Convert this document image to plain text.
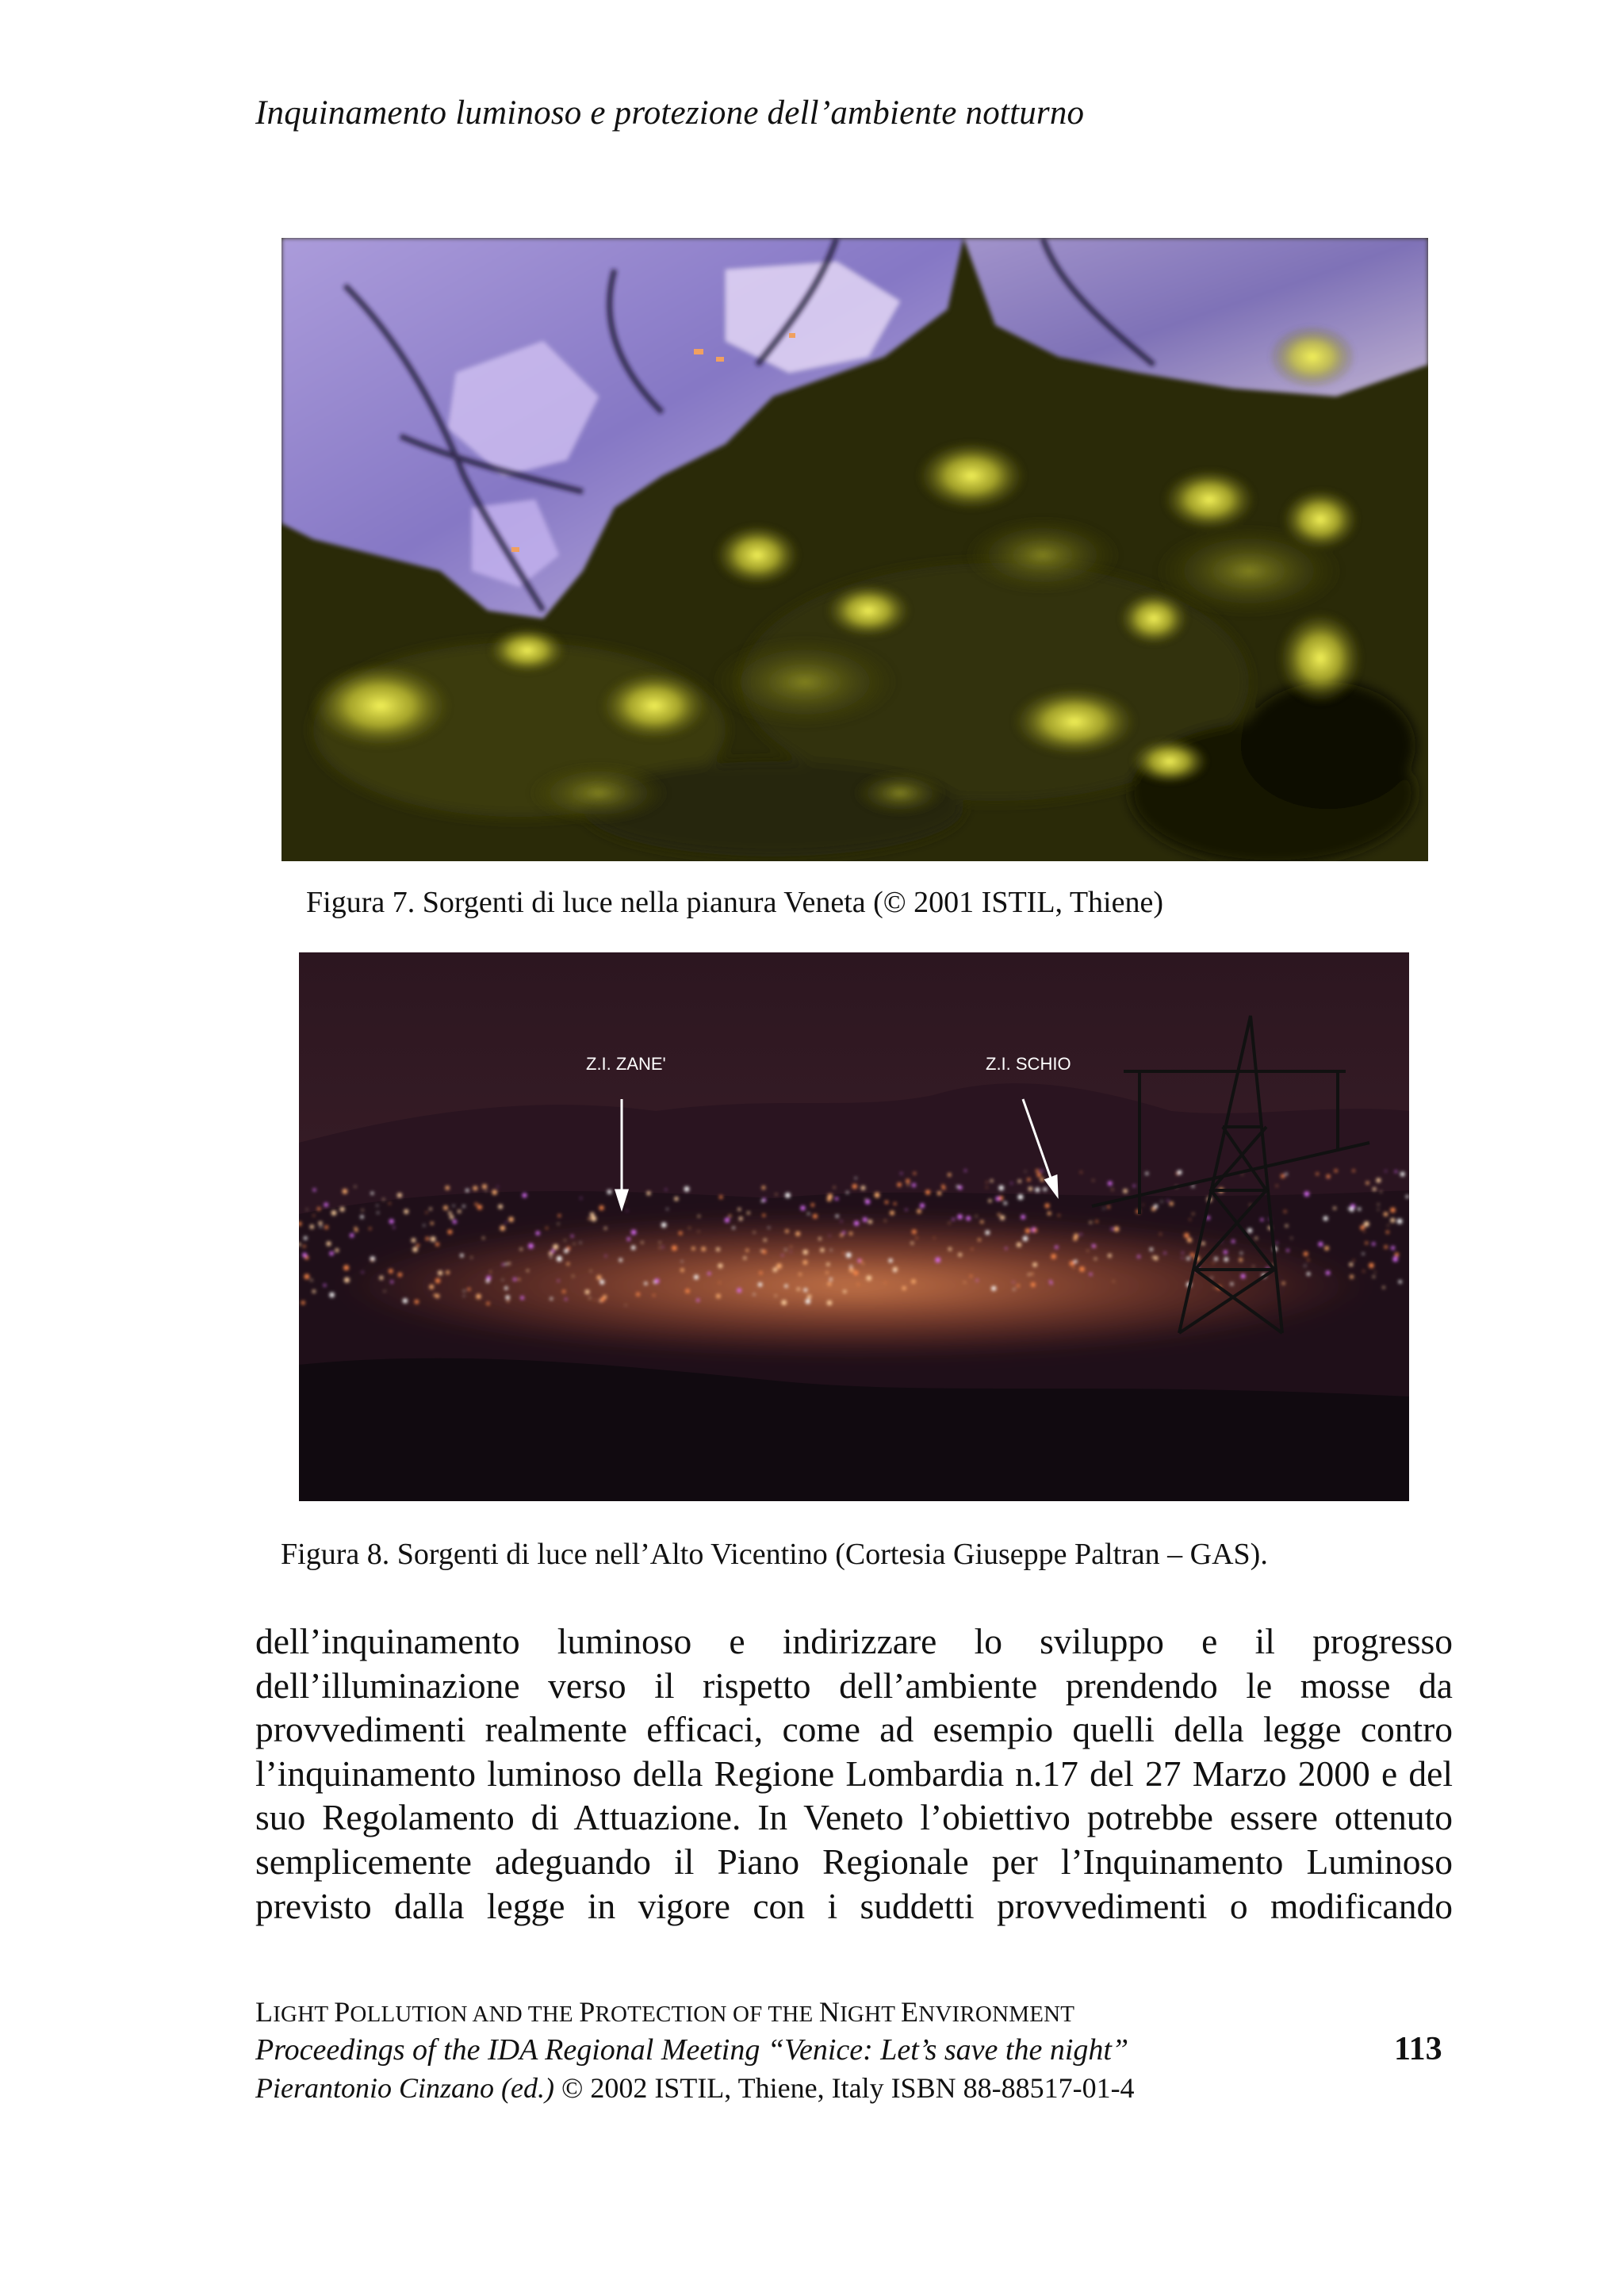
Inquinamento luminoso e protezione dell’ambiente notturno
Figura 7. Sorgenti di luce nella pianura Veneta (© 2001 ISTIL, Thiene)
Z.I. ZANE'	Z.I. SCHIO
Figura 8. Sorgenti di luce nell’Alto Vicentino (Cortesia Giuseppe Paltran – GAS).
dell’inquinamento luminoso e indirizzare lo sviluppo e il progresso
dell’illuminazione verso il rispetto dell’ambiente prendendo le mosse da
provvedimenti realmente efficaci, come ad esempio quelli della legge contro
l’inquinamento luminoso della Regione Lombardia n.17 del 27 Marzo 2000 e del
suo Regolamento di Attuazione. In Veneto l’obiettivo potrebbe essere ottenuto
semplicemente adeguando il Piano Regionale per l’Inquinamento Luminoso
previsto dalla legge in vigore con i suddetti provvedimenti o modificando
LIGHT POLLUTION AND THE PROTECTION OF THE NIGHT ENVIRONMENT
Proceedings of the IDA Regional Meeting “Venice: Let’s save the night”
Pierantonio Cinzano (ed.) © 2002 ISTIL, Thiene, Italy ISBN 88-88517-01-4
113
